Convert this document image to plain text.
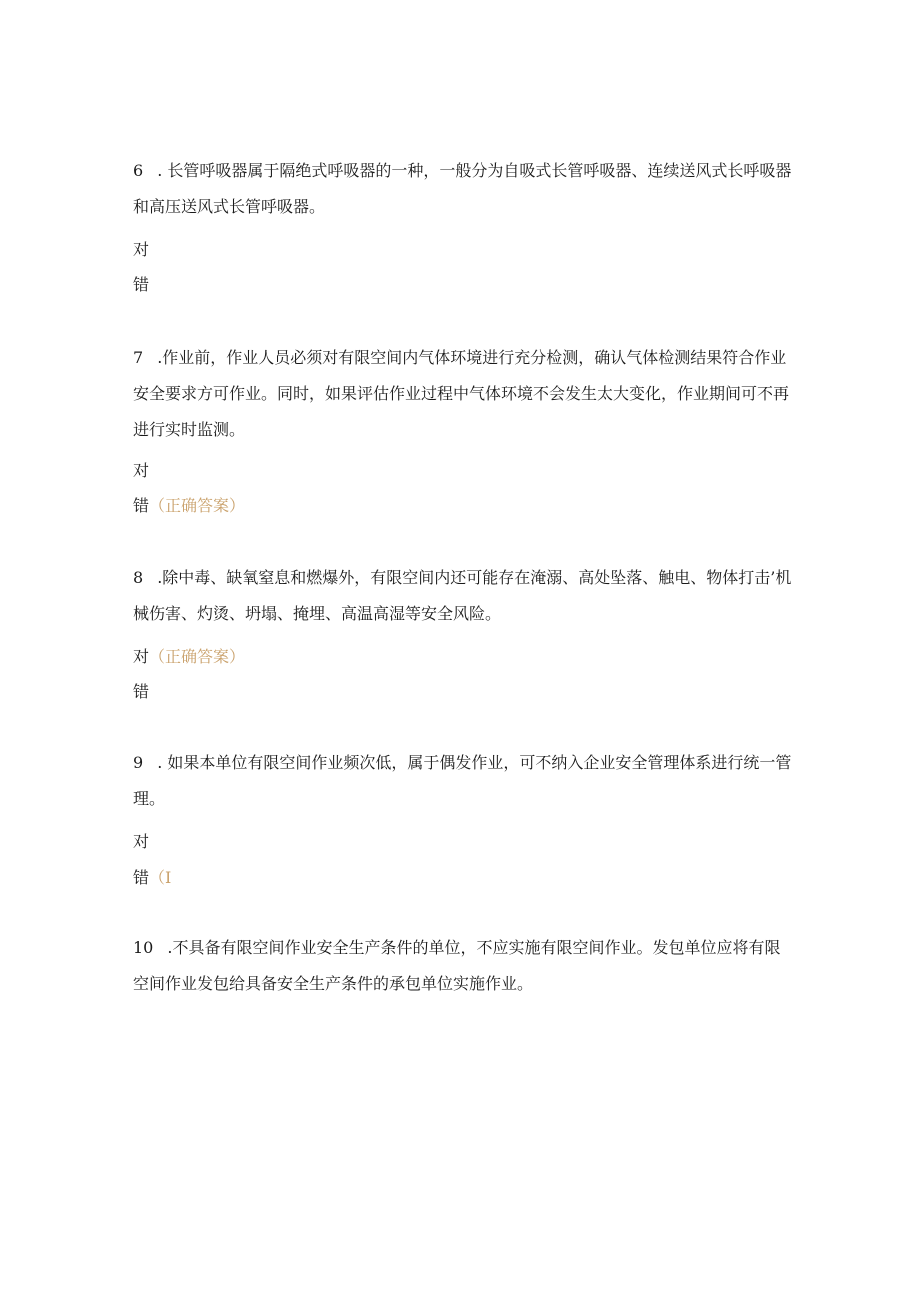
6 . 长管呼吸器属于隔绝式呼吸器的一种，一般分为自吸式长管呼吸器、连续送风式长呼吸器和高压送风式长管呼吸器。

对
错

7 .作业前，作业人员必须对有限空间内气体环境进行充分检测，确认气体检测结果符合作业安全要求方可作业。同时，如果评估作业过程中气体环境不会发生太大变化，作业期间可不再进行实时监测。

对
错（正确答案）

8 .除中毒、缺氧窒息和燃爆外，有限空间内还可能存在淹溺、高处坠落、触电、物体打击’机械伤害、灼烫、坍塌、掩埋、高温高湿等安全风险。

对（正确答案）
错

9 . 如果本单位有限空间作业频次低，属于偶发作业，可不纳入企业安全管理体系进行统一管理。

对
错（I

10 .不具备有限空间作业安全生产条件的单位，不应实施有限空间作业。发包单位应将有限空间作业发包给具备安全生产条件的承包单位实施作业。
